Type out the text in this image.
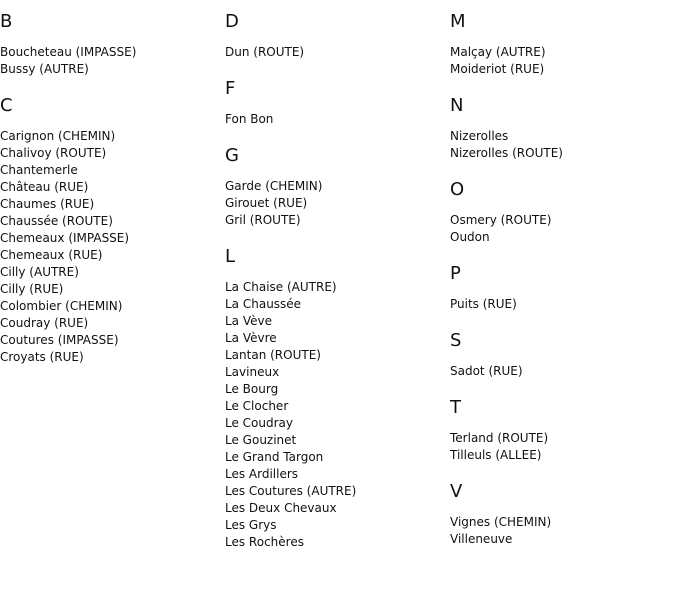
B
Boucheteau (IMPASSE)
Bussy (AUTRE)
C
Carignon (CHEMIN)
Chalivoy (ROUTE)
Chantemerle
Château (RUE)
Chaumes (RUE)
Chaussée (ROUTE)
Chemeaux (IMPASSE)
Chemeaux (RUE)
Cilly (AUTRE)
Cilly (RUE)
Colombier (CHEMIN)
Coudray (RUE)
Coutures (IMPASSE)
Croyats (RUE)
D
Dun (ROUTE)
F
Fon Bon
G
Garde (CHEMIN)
Girouet (RUE)
Gril (ROUTE)
L
La Chaise (AUTRE)
La Chaussée
La Vève
La Vèvre
Lantan (ROUTE)
Lavineux
Le Bourg
Le Clocher
Le Coudray
Le Gouzinet
Le Grand Targon
Les Ardillers
Les Coutures (AUTRE)
Les Deux Chevaux
Les Grys
Les Rochères
M
Malçay (AUTRE)
Moideriot (RUE)
N
Nizerolles
Nizerolles (ROUTE)
O
Osmery (ROUTE)
Oudon
P
Puits (RUE)
S
Sadot (RUE)
T
Terland (ROUTE)
Tilleuls (ALLEE)
V
Vignes (CHEMIN)
Villeneuve
